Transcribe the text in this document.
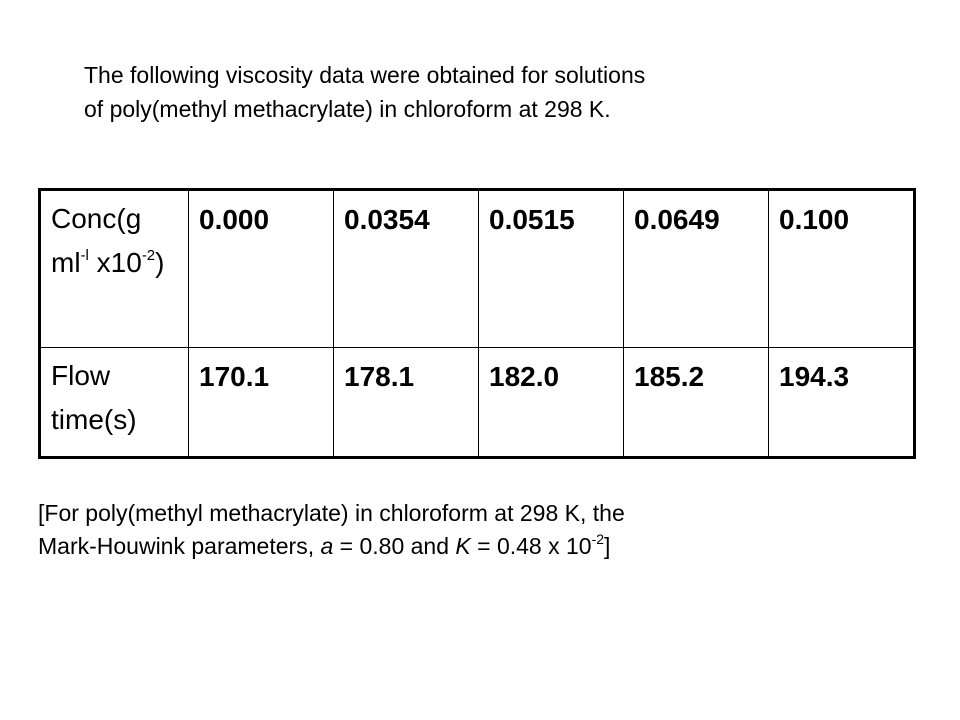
The following viscosity data were obtained for solutions
of poly(methyl methacrylate) in chloroform at 298 K.
Conc(g $ml^{-l}$ $x10^{-2}$)	0.000	0.0354	0.0515	0.0649	0.100
Flow time(s)	170.1	178.1	182.0	185.2	194.3
[For poly(methyl methacrylate) in chloroform at 298 K, the
Mark-Houwink parameters, a = 0.80 and K = 0.48 x $10^{-2}$]
